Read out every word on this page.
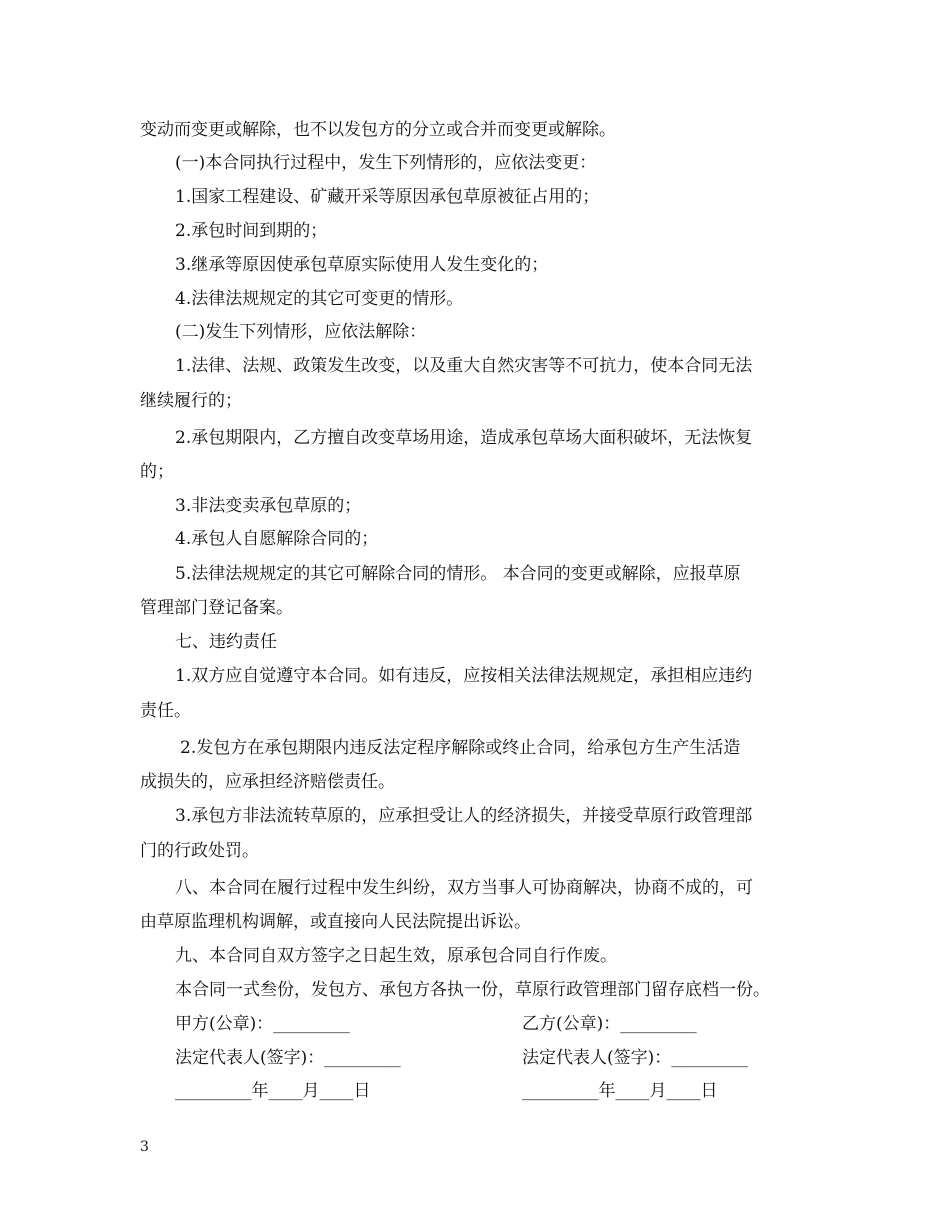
变动而变更或解除，也不以发包方的分立或合并而变更或解除。
(一)本合同执行过程中，发生下列情形的，应依法变更：
1.国家工程建设、矿藏开采等原因承包草原被征占用的；
2.承包时间到期的；
3.继承等原因使承包草原实际使用人发生变化的；
4.法律法规规定的其它可变更的情形。
(二)发生下列情形，应依法解除：
1.法律、法规、政策发生改变，以及重大自然灾害等不可抗力，使本合同无法
继续履行的；
2.承包期限内，乙方擅自改变草场用途，造成承包草场大面积破坏，无法恢复
的；
3.非法变卖承包草原的；
4.承包人自愿解除合同的；
5.法律法规规定的其它可解除合同的情形。 本合同的变更或解除，应报草原
管理部门登记备案。
七、违约责任
1.双方应自觉遵守本合同。如有违反，应按相关法律法规规定，承担相应违约
责任。
2.发包方在承包期限内违反法定程序解除或终止合同，给承包方生产生活造
成损失的，应承担经济赔偿责任。
3.承包方非法流转草原的，应承担受让人的经济损失，并接受草原行政管理部
门的行政处罚。
八、本合同在履行过程中发生纠纷，双方当事人可协商解决，协商不成的，可
由草原监理机构调解，或直接向人民法院提出诉讼。
九、本合同自双方签字之日起生效，原承包合同自行作废。
本合同一式叁份，发包方、承包方各执一份，草原行政管理部门留存底档一份。
甲方(公章)：_________	乙方(公章)：_________
法定代表人(签字)：_________	法定代表人(签字)：_________
_________年____月____日	_________年____月____日
3
